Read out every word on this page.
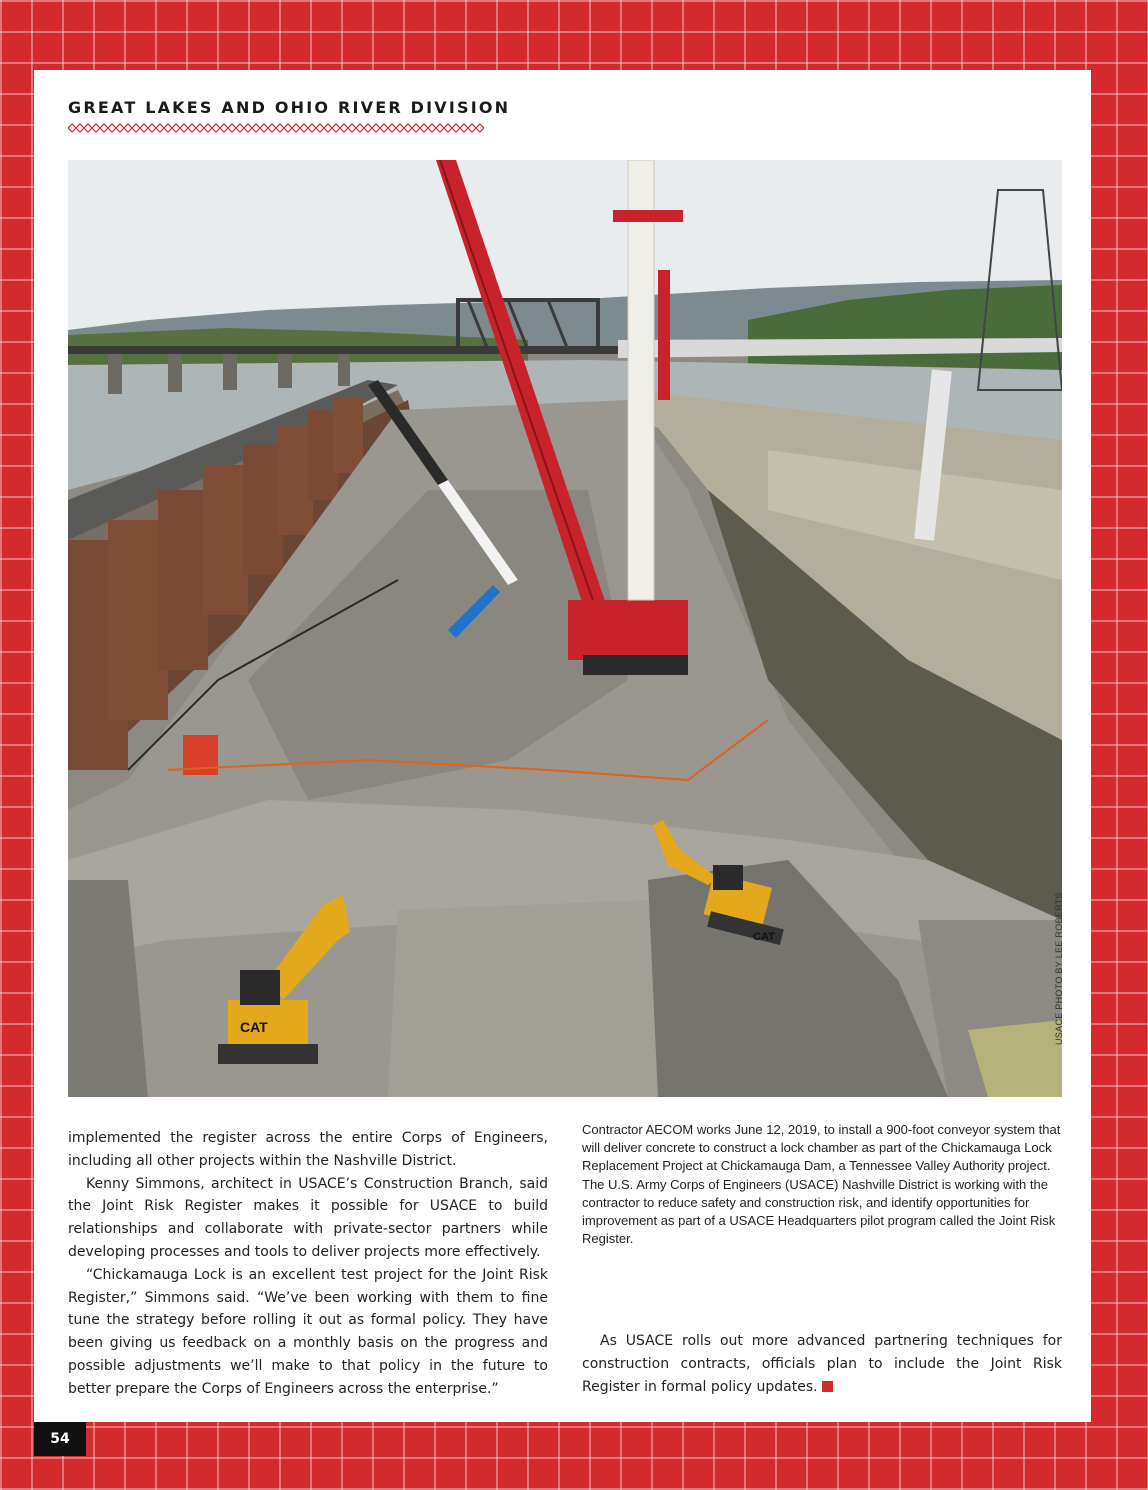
GREAT LAKES AND OHIO RIVER DIVISION
CAT
CAT	USACE PHOTO BY LEE ROBERTS

implemented the register across the entire Corps of Engineers, including all other projects within the Nashville District.

Kenny Simmons, architect in USACE’s Construction Branch, said the Joint Risk Register makes it possible for USACE to build relationships and collaborate with private-sector partners while developing processes and tools to deliver projects more effectively.

“Chickamauga Lock is an excellent test project for the Joint Risk Register,” Simmons said. “We’ve been working with them to fine tune the strategy before rolling it out as formal policy. They have been giving us feedback on a monthly basis on the progress and possible adjustments we’ll make to that policy in the future to better prepare the Corps of Engineers across the enterprise.”

Contractor AECOM works June 12, 2019, to install a 900-foot conveyor system that will deliver concrete to construct a lock chamber as part of the Chickamauga Lock Replacement Project at Chickamauga Dam, a Tennessee Valley Authority project. The U.S. Army Corps of Engineers (USACE) Nashville District is working with the contractor to reduce safety and construction risk, and identify opportunities for improvement as part of a USACE Headquarters pilot program called the Joint Risk Register.
As USACE rolls out more advanced partnering techniques for construction contracts, officials plan to include the Joint Risk Register in formal policy updates.
54
